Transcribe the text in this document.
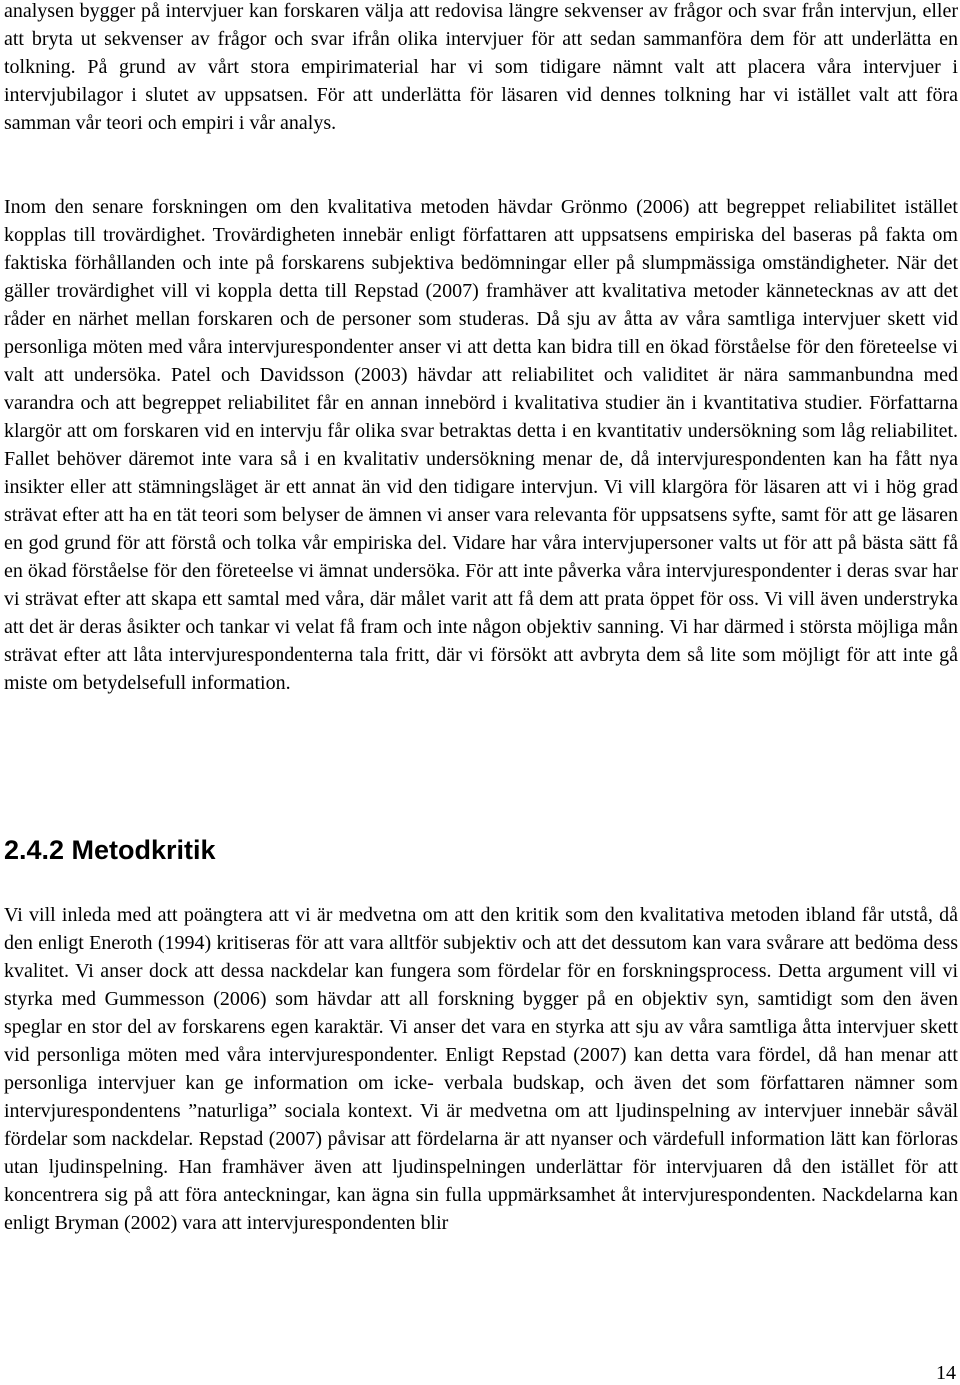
analysen bygger på intervjuer kan forskaren välja att redovisa längre sekvenser av frågor och svar från intervjun, eller att bryta ut sekvenser av frågor och svar ifrån olika intervjuer för att sedan sammanföra dem för att underlätta en tolkning. På grund av vårt stora empirimaterial har vi som tidigare nämnt valt att placera våra intervjuer i intervjubilagor i slutet av uppsatsen. För att underlätta för läsaren vid dennes tolkning har vi istället valt att föra samman vår teori och empiri i vår analys.

Inom den senare forskningen om den kvalitativa metoden hävdar Grönmo (2006) att begreppet reliabilitet istället kopplas till trovärdighet. Trovärdigheten innebär enligt författaren att uppsatsens empiriska del baseras på fakta om faktiska förhållanden och inte på forskarens subjektiva bedömningar eller på slumpmässiga omständigheter. När det gäller trovärdighet vill vi koppla detta till Repstad (2007) framhäver att kvalitativa metoder kännetecknas av att det råder en närhet mellan forskaren och de personer som studeras. Då sju av åtta av våra samtliga intervjuer skett vid personliga möten med våra intervjurespondenter anser vi att detta kan bidra till en ökad förståelse för den företeelse vi valt att undersöka. Patel och Davidsson (2003) hävdar att reliabilitet och validitet är nära sammanbundna med varandra och att begreppet reliabilitet får en annan innebörd i kvalitativa studier än i kvantitativa studier. Författarna klargör att om forskaren vid en intervju får olika svar betraktas detta i en kvantitativ undersökning som låg reliabilitet. Fallet behöver däremot inte vara så i en kvalitativ undersökning menar de, då intervjurespondenten kan ha fått nya insikter eller att stämningsläget är ett annat än vid den tidigare intervjun. Vi vill klargöra för läsaren att vi i hög grad strävat efter att ha en tät teori som belyser de ämnen vi anser vara relevanta för uppsatsens syfte, samt för att ge läsaren en god grund för att förstå och tolka vår empiriska del. Vidare har våra intervjupersoner valts ut för att på bästa sätt få en ökad förståelse för den företeelse vi ämnat undersöka. För att inte påverka våra intervjurespondenter i deras svar har vi strävat efter att skapa ett samtal med våra, där målet varit att få dem att prata öppet för oss. Vi vill även understryka att det är deras åsikter och tankar vi velat få fram och inte någon objektiv sanning. Vi har därmed i största möjliga mån strävat efter att låta intervjurespondenterna tala fritt, där vi försökt att avbryta dem så lite som möjligt för att inte gå miste om betydelsefull information.

2.4.2 Metodkritik

Vi vill inleda med att poängtera att vi är medvetna om att den kritik som den kvalitativa metoden ibland får utstå, då den enligt Eneroth (1994) kritiseras för att vara alltför subjektiv och att det dessutom kan vara svårare att bedöma dess kvalitet. Vi anser dock att dessa nackdelar kan fungera som fördelar för en forskningsprocess. Detta argument vill vi styrka med Gummesson (2006) som hävdar att all forskning bygger på en objektiv syn, samtidigt som den även speglar en stor del av forskarens egen karaktär. Vi anser det vara en styrka att sju av våra samtliga åtta intervjuer skett vid personliga möten med våra intervjurespondenter. Enligt Repstad (2007) kan detta vara fördel, då han menar att personliga intervjuer kan ge information om icke- verbala budskap, och även det som författaren nämner som intervjurespondentens ”naturliga” sociala kontext. Vi är medvetna om att ljudinspelning av intervjuer innebär såväl fördelar som nackdelar. Repstad (2007) påvisar att fördelarna är att nyanser och värdefull information lätt kan förloras utan ljudinspelning. Han framhäver även att ljudinspelningen underlättar för intervjuaren då den istället för att koncentrera sig på att föra anteckningar, kan ägna sin fulla uppmärksamhet åt intervjurespondenten. Nackdelarna kan enligt Bryman (2002) vara att intervjurespondenten blir

14
